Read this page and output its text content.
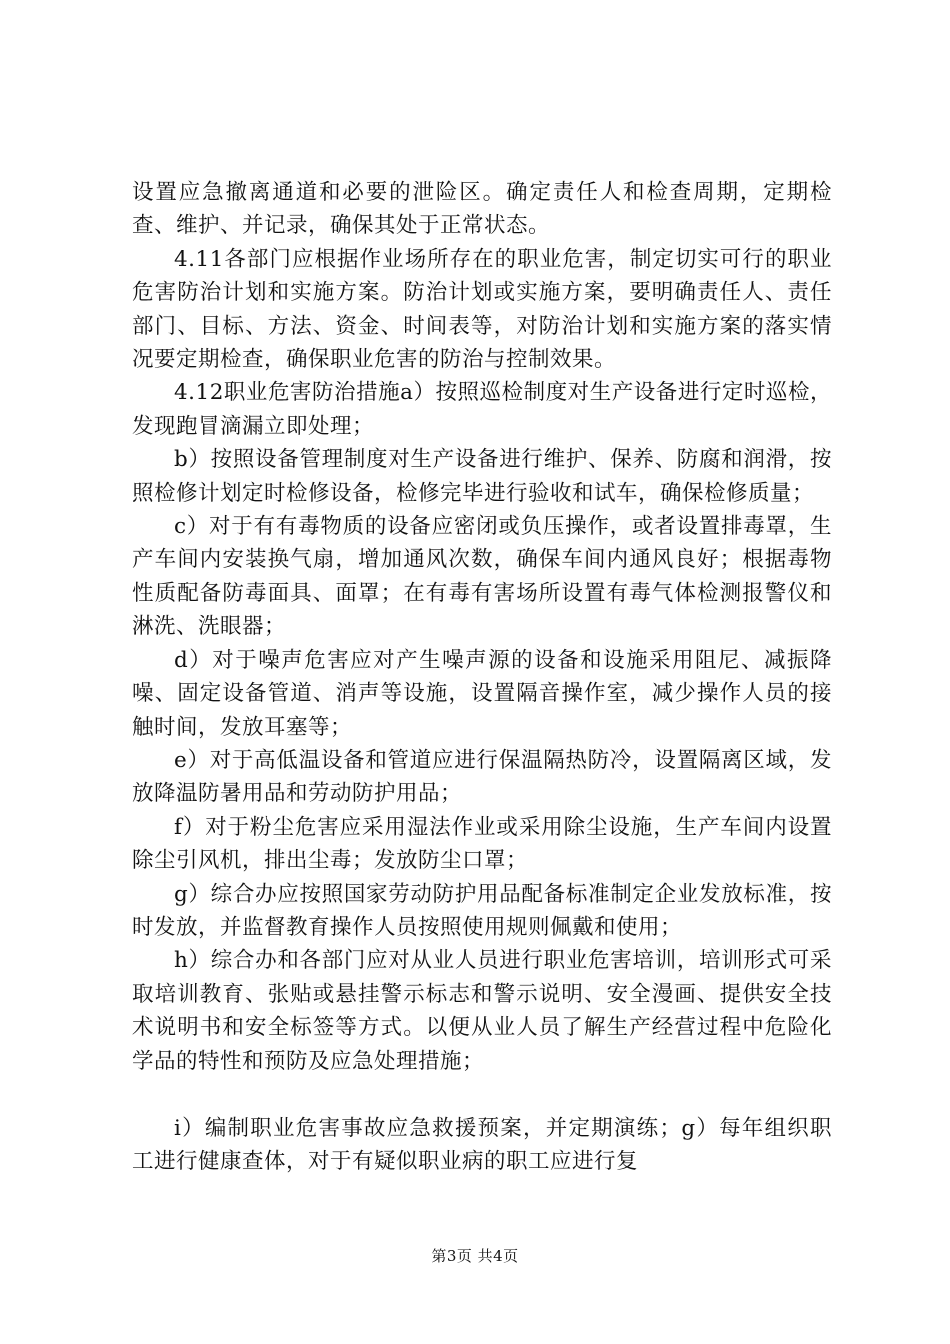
设置应急撤离通道和必要的泄险区。确定责任人和检查周期，定期检查、维护、并记录，确保其处于正常状态。

4.11各部门应根据作业场所存在的职业危害，制定切实可行的职业危害防治计划和实施方案。防治计划或实施方案，要明确责任人、责任部门、目标、方法、资金、时间表等，对防治计划和实施方案的落实情况要定期检查，确保职业危害的防治与控制效果。

4.12职业危害防治措施a）按照巡检制度对生产设备进行定时巡检，发现跑冒滴漏立即处理；

b）按照设备管理制度对生产设备进行维护、保养、防腐和润滑，按照检修计划定时检修设备，检修完毕进行验收和试车，确保检修质量；

c）对于有有毒物质的设备应密闭或负压操作，或者设置排毒罩，生产车间内安装换气扇，增加通风次数，确保车间内通风良好；根据毒物性质配备防毒面具、面罩；在有毒有害场所设置有毒气体检测报警仪和淋洗、洗眼器；

d）对于噪声危害应对产生噪声源的设备和设施采用阻尼、减振降噪、固定设备管道、消声等设施，设置隔音操作室，减少操作人员的接触时间，发放耳塞等；

e）对于高低温设备和管道应进行保温隔热防冷，设置隔离区域，发放降温防暑用品和劳动防护用品；

f）对于粉尘危害应采用湿法作业或采用除尘设施，生产车间内设置除尘引风机，排出尘毒；发放防尘口罩；

g）综合办应按照国家劳动防护用品配备标准制定企业发放标准，按时发放，并监督教育操作人员按照使用规则佩戴和使用；

h）综合办和各部门应对从业人员进行职业危害培训，培训形式可采取培训教育、张贴或悬挂警示标志和警示说明、安全漫画、提供安全技术说明书和安全标签等方式。以便从业人员了解生产经营过程中危险化学品的特性和预防及应急处理措施；

i）编制职业危害事故应急救援预案，并定期演练；g）每年组织职工进行健康查体，对于有疑似职业病的职工应进行复

第3页 共4页
